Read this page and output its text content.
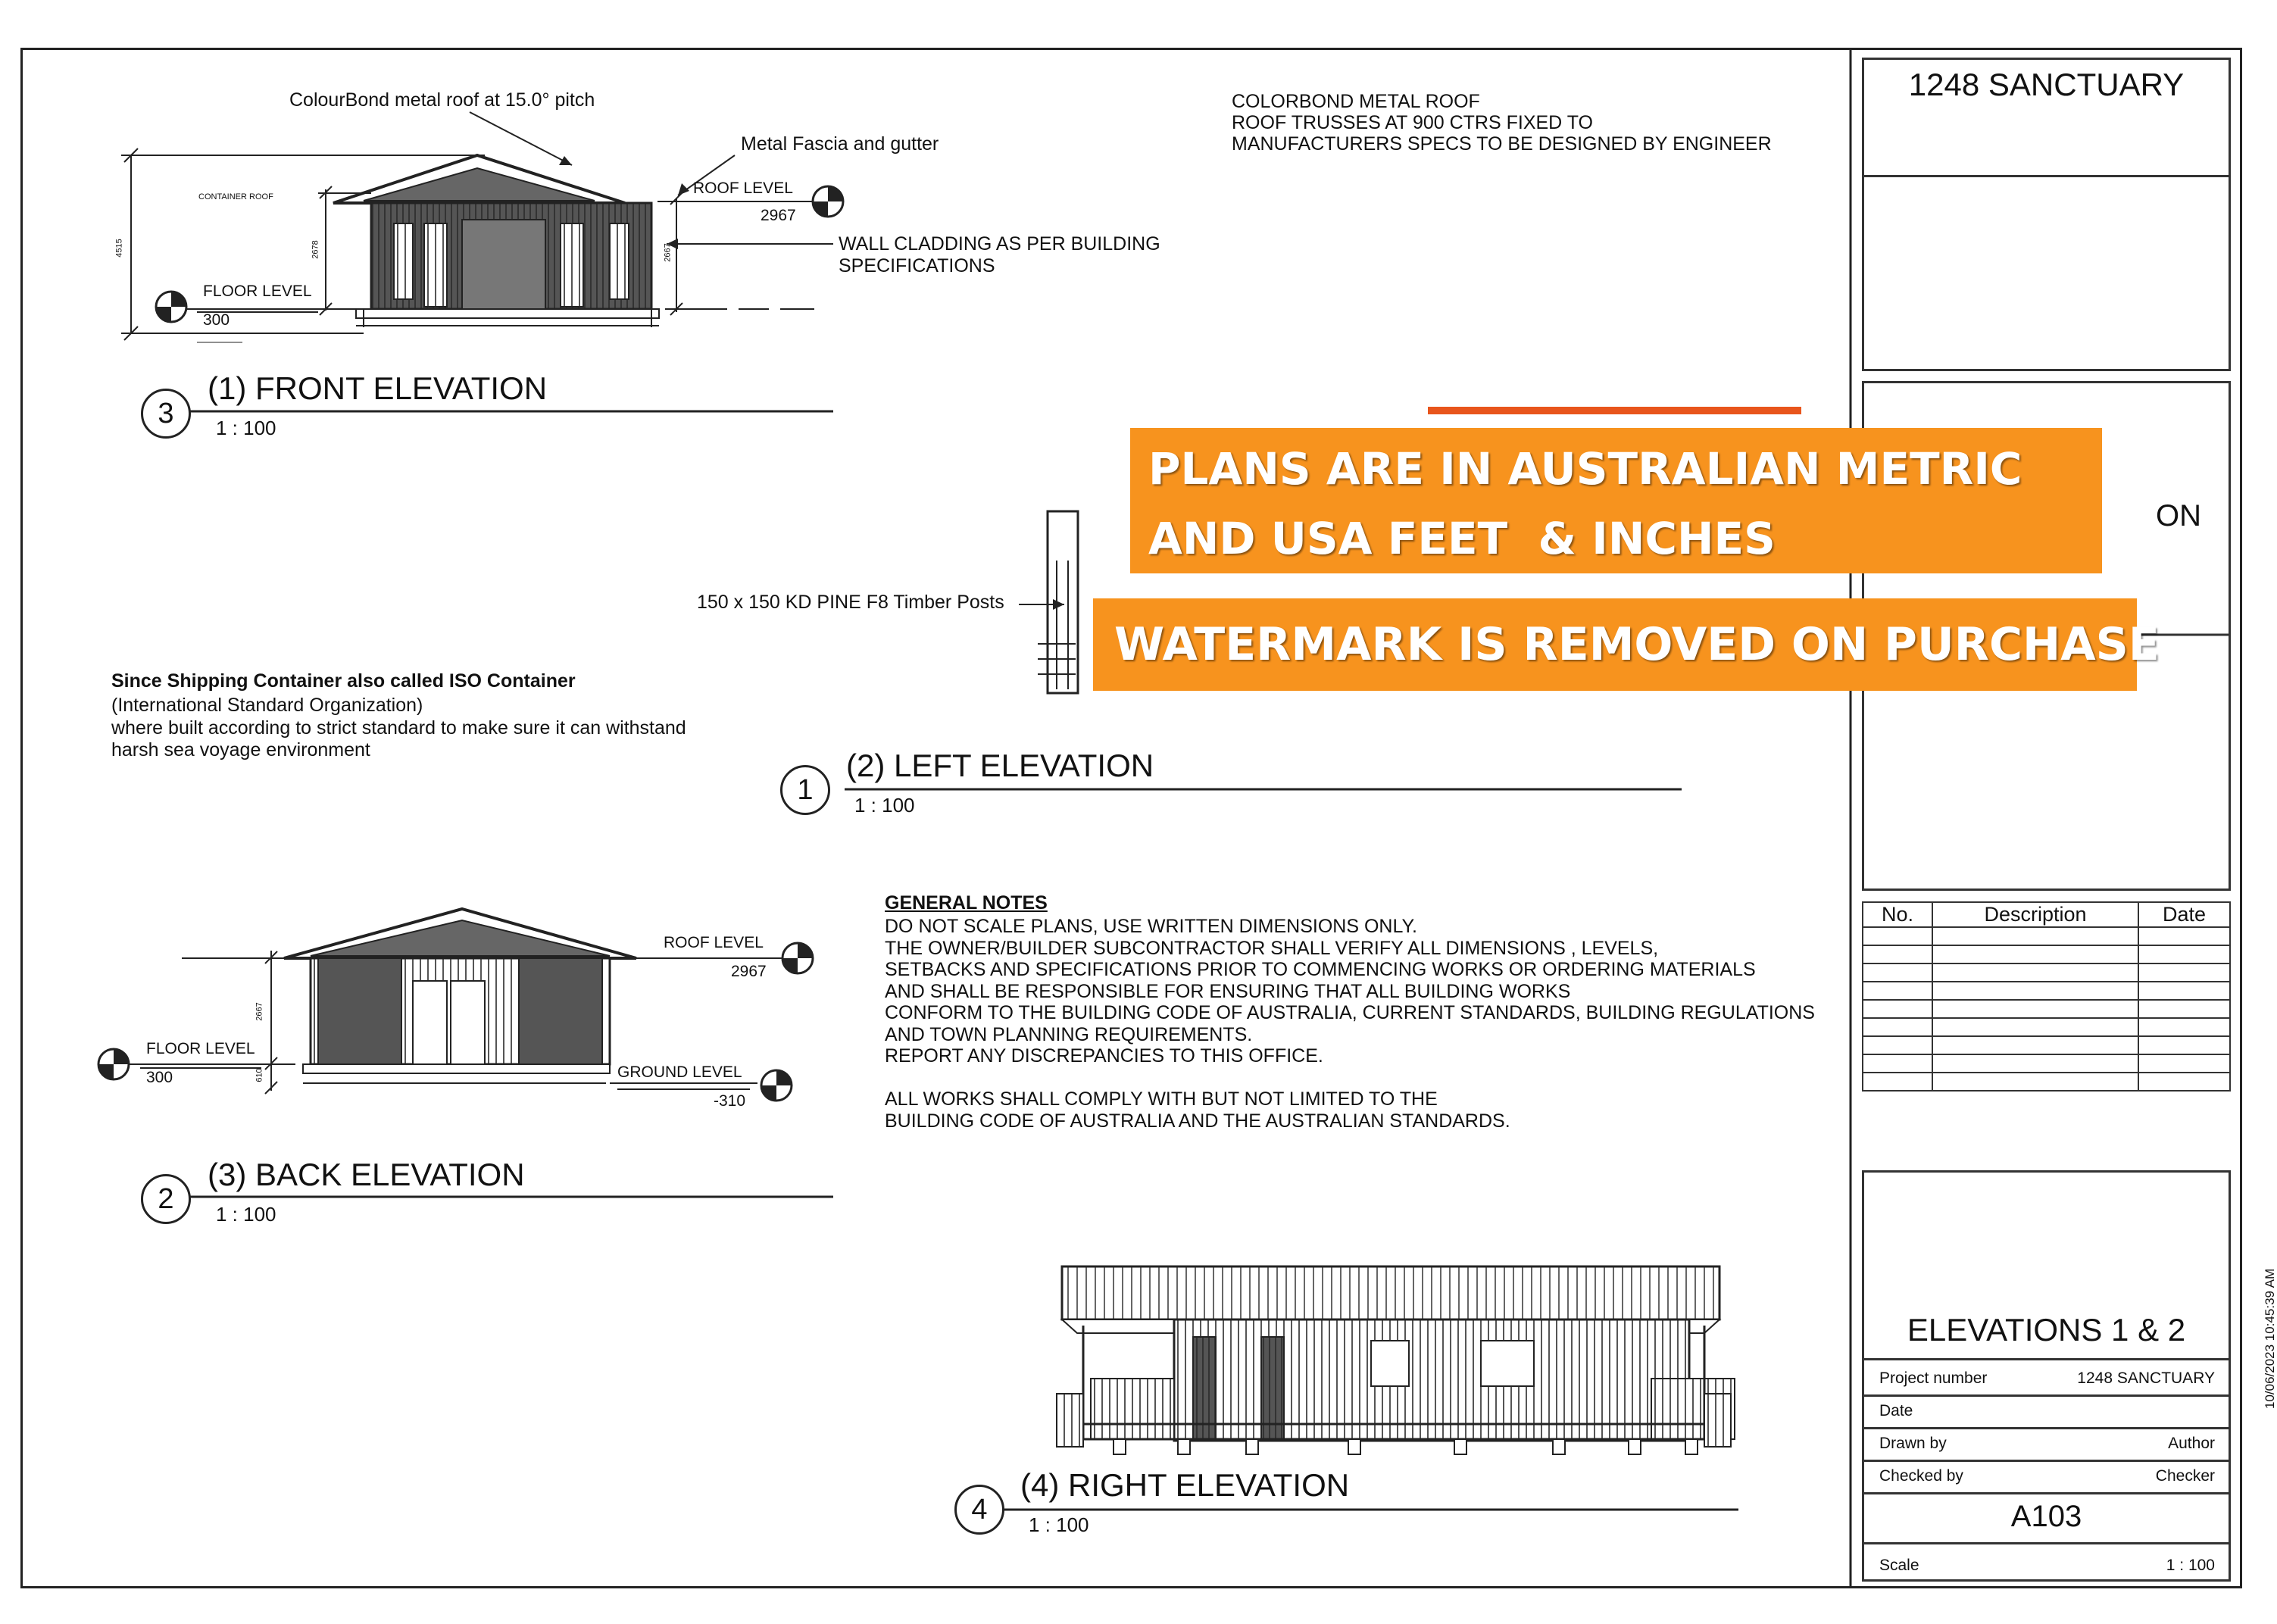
ColourBond metal roof at 15.0° pitch
Metal Fascia and gutter
CONTAINER ROOF	ROOF LEVEL
2967
FLOOR LEVEL
300
WALL CLADDING AS PER BUILDING
SPECIFICATIONS
4515	2678	2667
3
(1) FRONT ELEVATION
1 : 100
COLORBOND METAL ROOF
ROOF TRUSSES AT 900 CTRS FIXED TO
MANUFACTURERS SPECS TO BE DESIGNED BY ENGINEER
150 x 150 KD PINE F8 Timber Posts
1
(2) LEFT ELEVATION
1 : 100
Since Shipping Container also called ISO Container
(International Standard Organization)
where built according to strict standard to make sure it can withstand
harsh sea voyage environment
ROOF LEVEL
2967
FLOOR LEVEL
300	GROUND LEVEL
-310
2667
610
2
(3) BACK ELEVATION
1 : 100
GENERAL NOTES
DO NOT SCALE PLANS, USE WRITTEN DIMENSIONS ONLY.
THE OWNER/BUILDER SUBCONTRACTOR SHALL VERIFY ALL DIMENSIONS , LEVELS,
SETBACKS AND SPECIFICATIONS PRIOR TO COMMENCING WORKS OR ORDERING MATERIALS
AND SHALL BE RESPONSIBLE FOR ENSURING THAT ALL BUILDING WORKS
CONFORM TO THE BUILDING CODE OF AUSTRALIA, CURRENT STANDARDS, BUILDING REGULATIONS
AND TOWN PLANNING REQUIREMENTS.
REPORT ANY DISCREPANCIES TO THIS OFFICE.

ALL WORKS SHALL COMPLY WITH BUT NOT LIMITED TO THE
BUILDING CODE OF AUSTRALIA AND THE AUSTRALIAN STANDARDS.
4
(4) RIGHT ELEVATION
1 : 100
1248 SANCTUARY
ON
No.	Description	Date

ELEVATIONS 1 & 2
Project number	1248 SANCTUARY
Date
Drawn by	Author
Checked by	Checker
A103
Scale	1 : 100
10/06/2023 10:45:39 AM
PLANS ARE IN AUSTRALIAN METRIC
AND USA FEET  & INCHES
WATERMARK IS REMOVED ON PURCHASE
